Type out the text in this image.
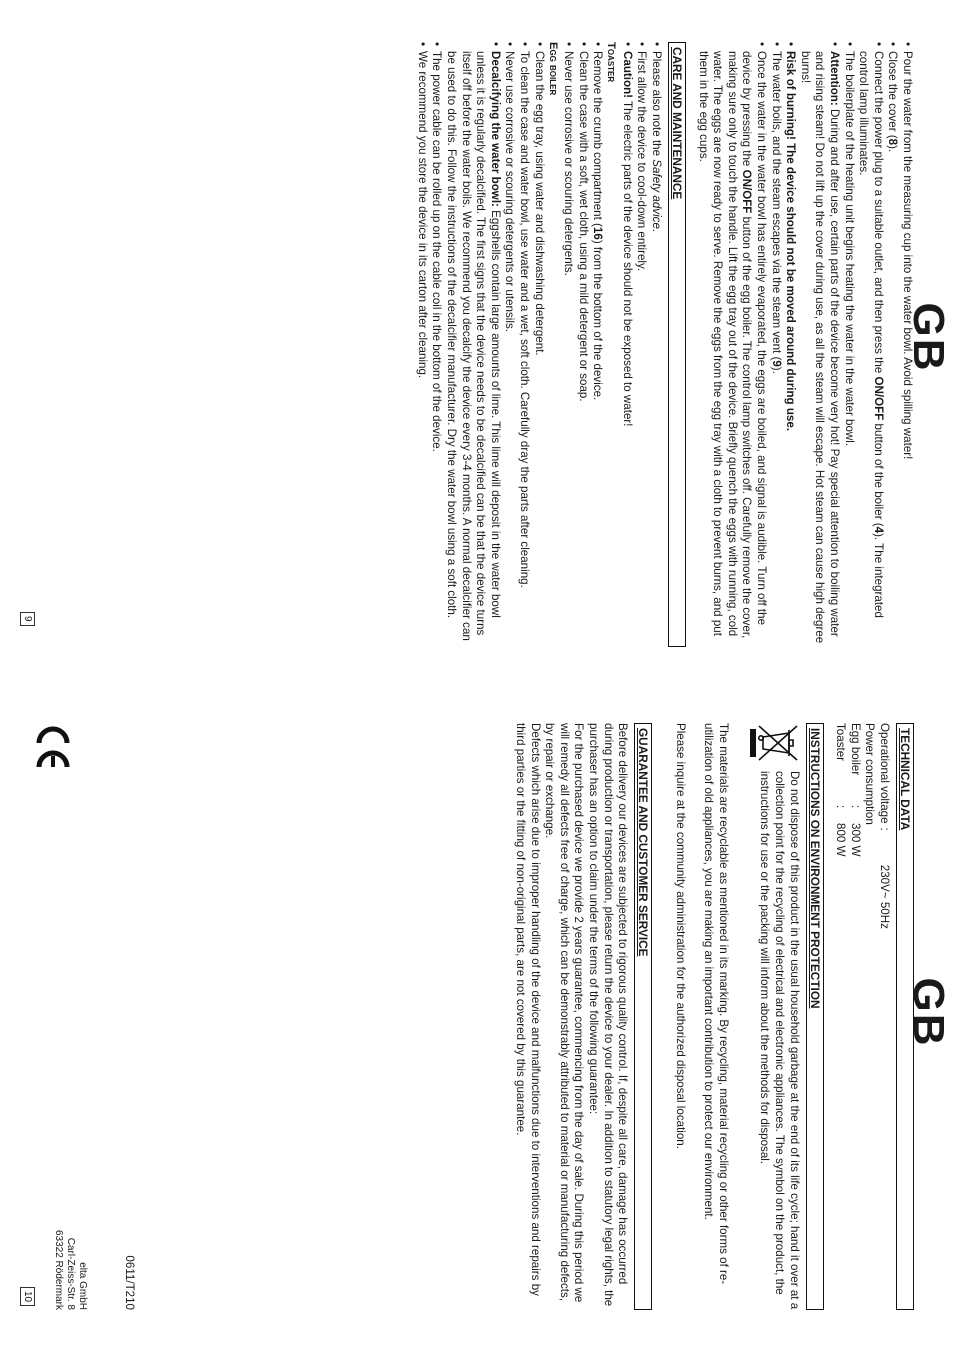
GB
• Pour the water from the measuring cup into the water bowl. Avoid spilling water!
• Close the cover (8).
• Connect the power plug to a suitable outlet, and then press the ON/OFF button of the boiler (4). The integrated control lamp illuminates.
• The boilerplate of the heating unit begins heating the water in the water bowl.
• Attention: During and after use, certain parts of the device become very hot! Pay special attention to boiling water and rising steam! Do not lift up the cover during use, as all the steam will escape. Hot steam can cause high degree burns!
• Risk of burning! The device should not be moved around during use.
• The water boils, and the steam escapes via the steam vent (9).
• Once the water in the water bowl has entirely evaporated, the eggs are boiled, and signal is audible. Turn off the device by pressing the ON/OFF button of the egg boiler. The control lamp switches off. Carefully remove the cover, making sure only to touch the handle. Lift the egg tray out of the device. Briefly quench the eggs with running, cold water. The eggs are now ready to serve. Remove the eggs from the egg tray with a cloth to prevent burns, and put them in the egg cups.
CARE AND MAINTENANCE
• Please also note the Safety advice.
• First allow the device to cool-down entirely.
• Caution! The electric parts of the device should not be exposed to water!
Toaster
• Remove the crumb compartment (16) from the bottom of the device.
• Clean the case with a soft, wet cloth, using a mild detergent or soap.
• Never use corrosive or scouring detergents.
Egg boiler
• Clean the egg tray, using water and dishwashing detergent.
• To clean the case and water bowl, use water and a wet, soft cloth. Carefully dray the parts after cleaning.
• Never use corrosive or scouring detergents or utensils.
• Decalcifying the water bowl: Eggshells contain large amounts of lime. This lime will deposit in the water bowl unless it is regularly decalcified. The first signs that the device needs to be decalcified can be that the device turns itself off before the water boils. We recommend you decalcify the device every 3-4 months. A normal decalcifier can be used to do this. Follow the instructions of the decalcifier manufacturer. Dry the water bowl using a soft cloth.
• The power cable can be rolled up on the cable coil in the bottom of the device.
• We recommend you store the device in its carton after cleaning.
9
GB
TECHNICAL DATA
Operational voltage
:
230V~ 50Hz
Power consumption
Egg boiler
:
300 W
Toaster
:
800 W
INSTRUCTIONS ON ENVIRONMENT PROTECTION
Do not dispose of this product in the usual household garbage at the end of its life cycle; hand it over at a collection point for the recycling of electrical and electronic appliances. The symbol on the product, the instructions for use or the packing will inform about the methods for disposal.

The materials are recyclable as mentioned in its marking. By recycling, material recycling or other forms of re-utilization of old appliances, you are making an important contribution to protect our environment.

Please inquire at the community administration for the authorized disposal location.

GUARANTEE AND CUSTOMER SERVICE

Before delivery our devices are subjected to rigorous quality control. If, despite all care, damage has occurred during production or transportation, please return the device to your dealer. In addition to statutory legal rights, the purchaser has an option to claim under the terms of the following guarantee:

For the purchased device we provide 2 years guarantee, commencing from the day of sale. During this period we will remedy all defects free of charge, which can be demonstrably attributed to material or manufacturing defects, by repair or exchange.

Defects which arise due to improper handling of the device and malfunctions due to interventions and repairs by third parties or the fitting of non-original parts, are not covered by this guarantee.

0611/T210
elta GmbH
Carl-Zeiss-Str. 8
63322 Rödermark
10
